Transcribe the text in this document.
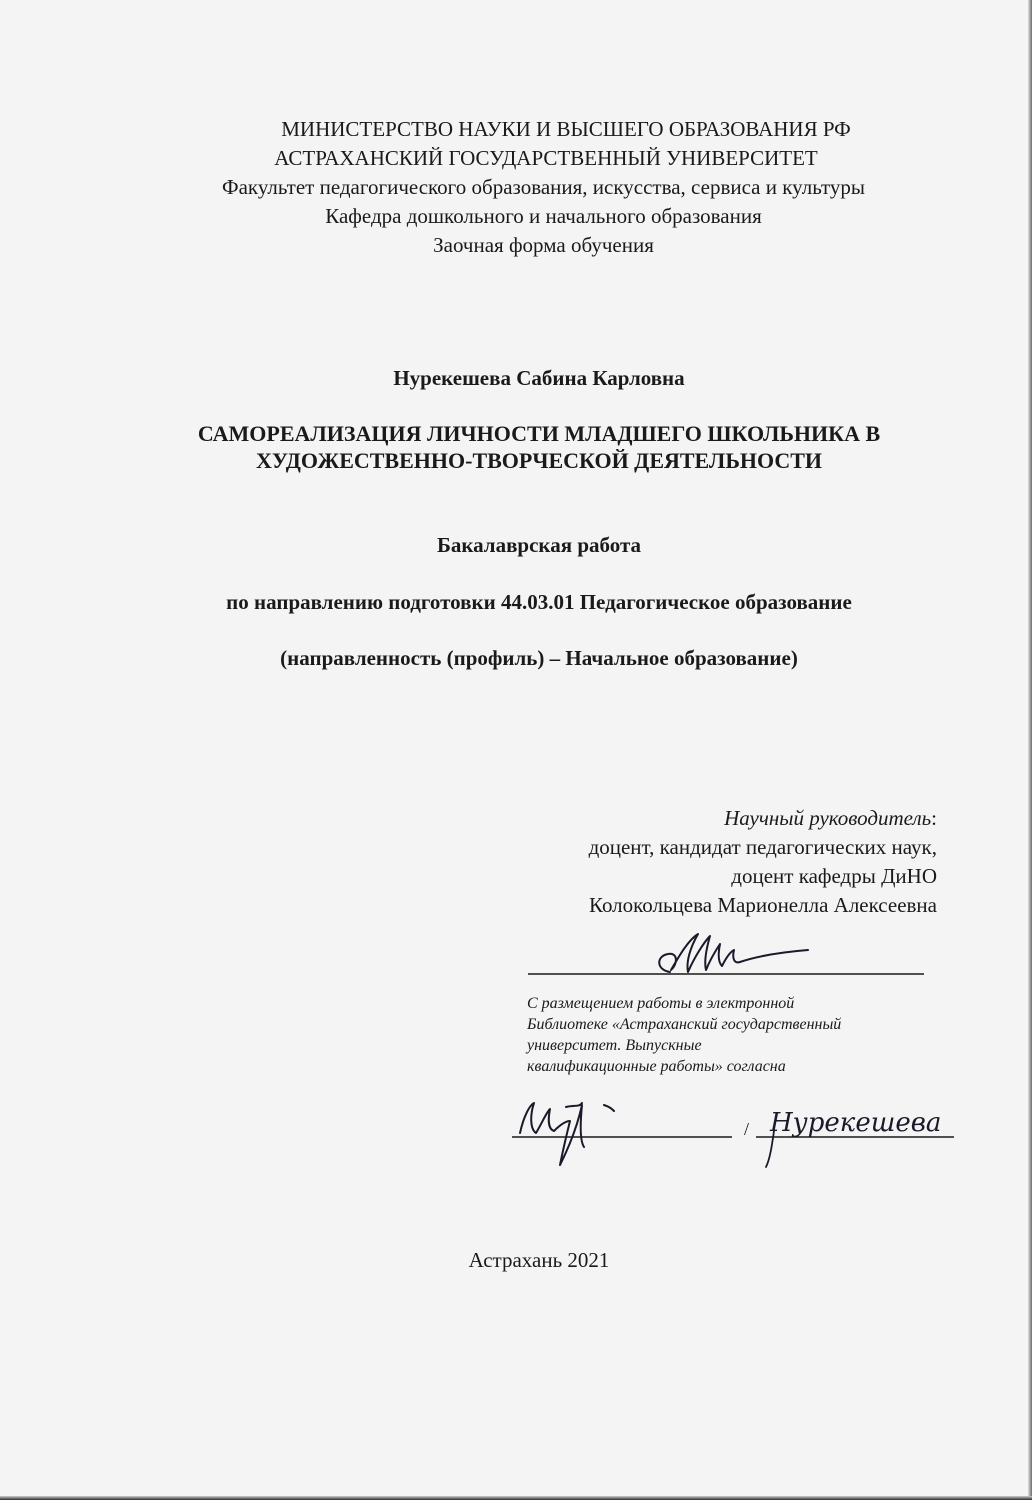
МИНИСТЕРСТВО НАУКИ И ВЫСШЕГО ОБРАЗОВАНИЯ РФ
АСТРАХАНСКИЙ ГОСУДАРСТВЕННЫЙ УНИВЕРСИТЕТ
Факультет педагогического образования, искусства, сервиса и культуры
Кафедра дошкольного и начального образования
Заочная форма обучения
Нурекешева Сабина Карловна
САМОРЕАЛИЗАЦИЯ ЛИЧНОСТИ МЛАДШЕГО ШКОЛЬНИКА В
ХУДОЖЕСТВЕННО-ТВОРЧЕСКОЙ ДЕЯТЕЛЬНОСТИ
Бакалаврская работа
по направлению подготовки 44.03.01 Педагогическое образование
(направленность (профиль) – Начальное образование)
Научный руководитель:
доцент, кандидат педагогических наук,
доцент кафедры ДиНО
Колокольцева Марионелла Алексеевна
С размещением работы в электронной
Библиотеке «Астраханский государственный
университет. Выпускные
квалификационные работы» согласна
/ Нурекешева
Астрахань 2021
